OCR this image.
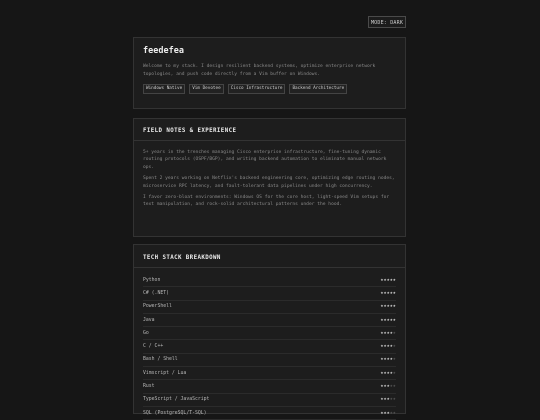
MODE: DARK
feedefea
Welcome to my stack. I design resilient backend systems, optimize enterprise network topologies, and push code directly from a Vim buffer on Windows.
Windows Native	Vim Devotee	Cisco Infrastructure	Backend Architecture
FIELD NOTES & EXPERIENCE

5+ years in the trenches managing Cisco enterprise infrastructure, fine-tuning dynamic routing protocols (OSPF/BGP), and writing backend automation to eliminate manual network ops.

Spent 2 years working on Netflix's backend engineering core, optimizing edge routing nodes, microservice RPC latency, and fault-tolerant data pipelines under high concurrency.

I favor zero-bloat environments: Windows OS for the core host, light-speed Vim setups for text manipulation, and rock-solid architectural patterns under the hood.

TECH STACK BREAKDOWN
Python	★★★★★
C# (.NET)	★★★★★
PowerShell	★★★★★
Java	★★★★★
Go	★★★★★
C / C++	★★★★★
Bash / Shell	★★★★★
Vimscript / Lua	★★★★★
Rust	★★★★★
TypeScript / JavaScript	★★★★★
SQL (PostgreSQL/T-SQL)	★★★★★
